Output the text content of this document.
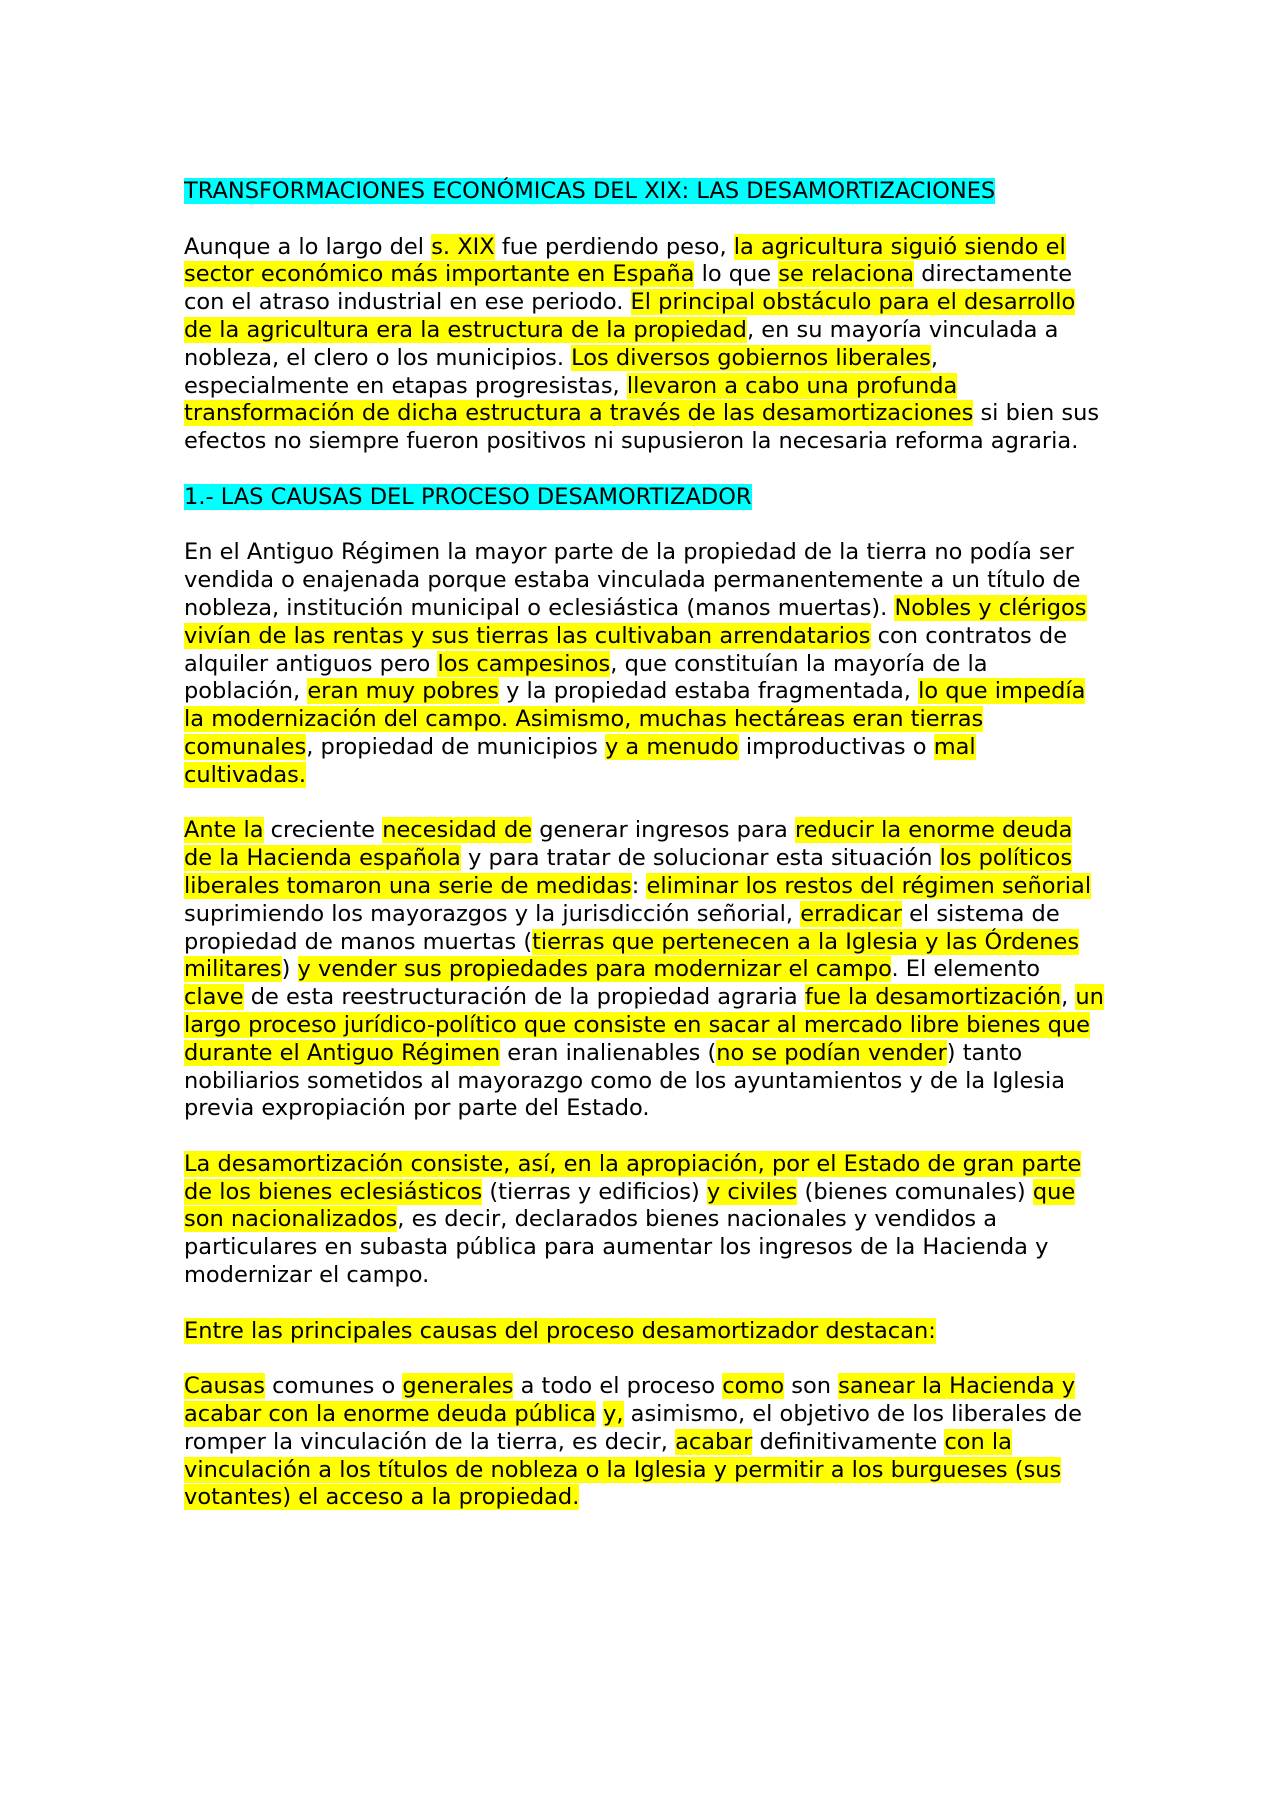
TRANSFORMACIONES ECONÓMICAS DEL XIX: LAS DESAMORTIZACIONES
Aunque a lo largo del s. XIX fue perdiendo peso, la agricultura siguió siendo el sector económico más importante en España lo que se relaciona directamente con el atraso industrial en ese periodo. El principal obstáculo para el desarrollo de la agricultura era la estructura de la propiedad, en su mayoría vinculada a nobleza, el clero o los municipios. Los diversos gobiernos liberales, especialmente en etapas progresistas, llevaron a cabo una profunda transformación de dicha estructura a través de las desamortizaciones si bien sus efectos no siempre fueron positivos ni supusieron la necesaria reforma agraria.
1.- LAS CAUSAS DEL PROCESO DESAMORTIZADOR
En el Antiguo Régimen la mayor parte de la propiedad de la tierra no podía ser vendida o enajenada porque estaba vinculada permanentemente a un título de nobleza, institución municipal o eclesiástica (manos muertas). Nobles y clérigos vivían de las rentas y sus tierras las cultivaban arrendatarios con contratos de alquiler antiguos pero los campesinos, que constituían la mayoría de la población, eran muy pobres y la propiedad estaba fragmentada, lo que impedía la modernización del campo. Asimismo, muchas hectáreas eran tierras comunales, propiedad de municipios y a menudo improductivas o mal cultivadas.
Ante la creciente necesidad de generar ingresos para reducir la enorme deuda de la Hacienda española y para tratar de solucionar esta situación los políticos liberales tomaron una serie de medidas: eliminar los restos del régimen señorial suprimiendo los mayorazgos y la jurisdicción señorial, erradicar el sistema de propiedad de manos muertas (tierras que pertenecen a la Iglesia y las Órdenes militares) y vender sus propiedades para modernizar el campo. El elemento clave de esta reestructuración de la propiedad agraria fue la desamortización, un largo proceso jurídico-político que consiste en sacar al mercado libre bienes que durante el Antiguo Régimen eran inalienables (no se podían vender) tanto nobiliarios sometidos al mayorazgo como de los ayuntamientos y de la Iglesia previa expropiación por parte del Estado.
La desamortización consiste, así, en la apropiación, por el Estado de gran parte de los bienes eclesiásticos (tierras y edificios) y civiles (bienes comunales) que son nacionalizados, es decir, declarados bienes nacionales y vendidos a particulares en subasta pública para aumentar los ingresos de la Hacienda y modernizar el campo.
Entre las principales causas del proceso desamortizador destacan:
Causas comunes o generales a todo el proceso como son sanear la Hacienda y acabar con la enorme deuda pública y, asimismo, el objetivo de los liberales de romper la vinculación de la tierra, es decir, acabar definitivamente con la vinculación a los títulos de nobleza o la Iglesia y permitir a los burgueses (sus votantes) el acceso a la propiedad.
